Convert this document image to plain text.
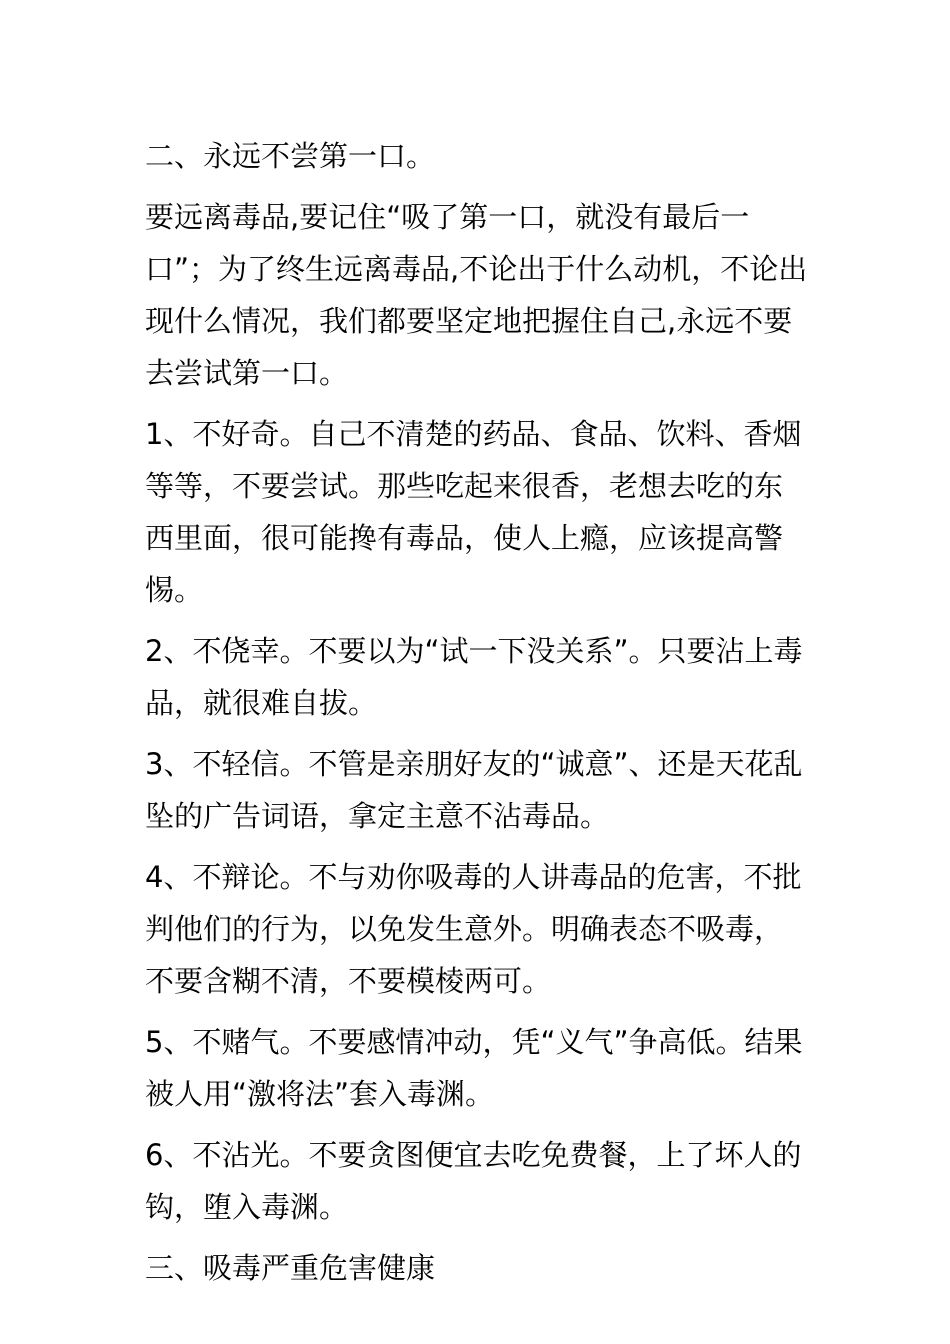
二、永远不尝第一口。

要远离毒品,要记住“吸了第一口，就没有最后一口”；为了终生远离毒品,不论出于什么动机，不论出现什么情况，我们都要坚定地把握住自己,永远不要去尝试第一口。

1、不好奇。自己不清楚的药品、食品、饮料、香烟等等，不要尝试。那些吃起来很香，老想去吃的东西里面，很可能搀有毒品，使人上瘾，应该提高警惕。

2、不侥幸。不要以为“试一下没关系”。只要沾上毒品，就很难自拔。

3、不轻信。不管是亲朋好友的“诚意”、还是天花乱坠的广告词语，拿定主意不沾毒品。

4、不辩论。不与劝你吸毒的人讲毒品的危害，不批判他们的行为，以免发生意外。明确表态不吸毒，不要含糊不清，不要模棱两可。

5、不赌气。不要感情冲动，凭“义气”争高低。结果被人用“激将法”套入毒渊。

6、不沾光。不要贪图便宜去吃免费餐，上了坏人的钩，堕入毒渊。

三、吸毒严重危害健康
